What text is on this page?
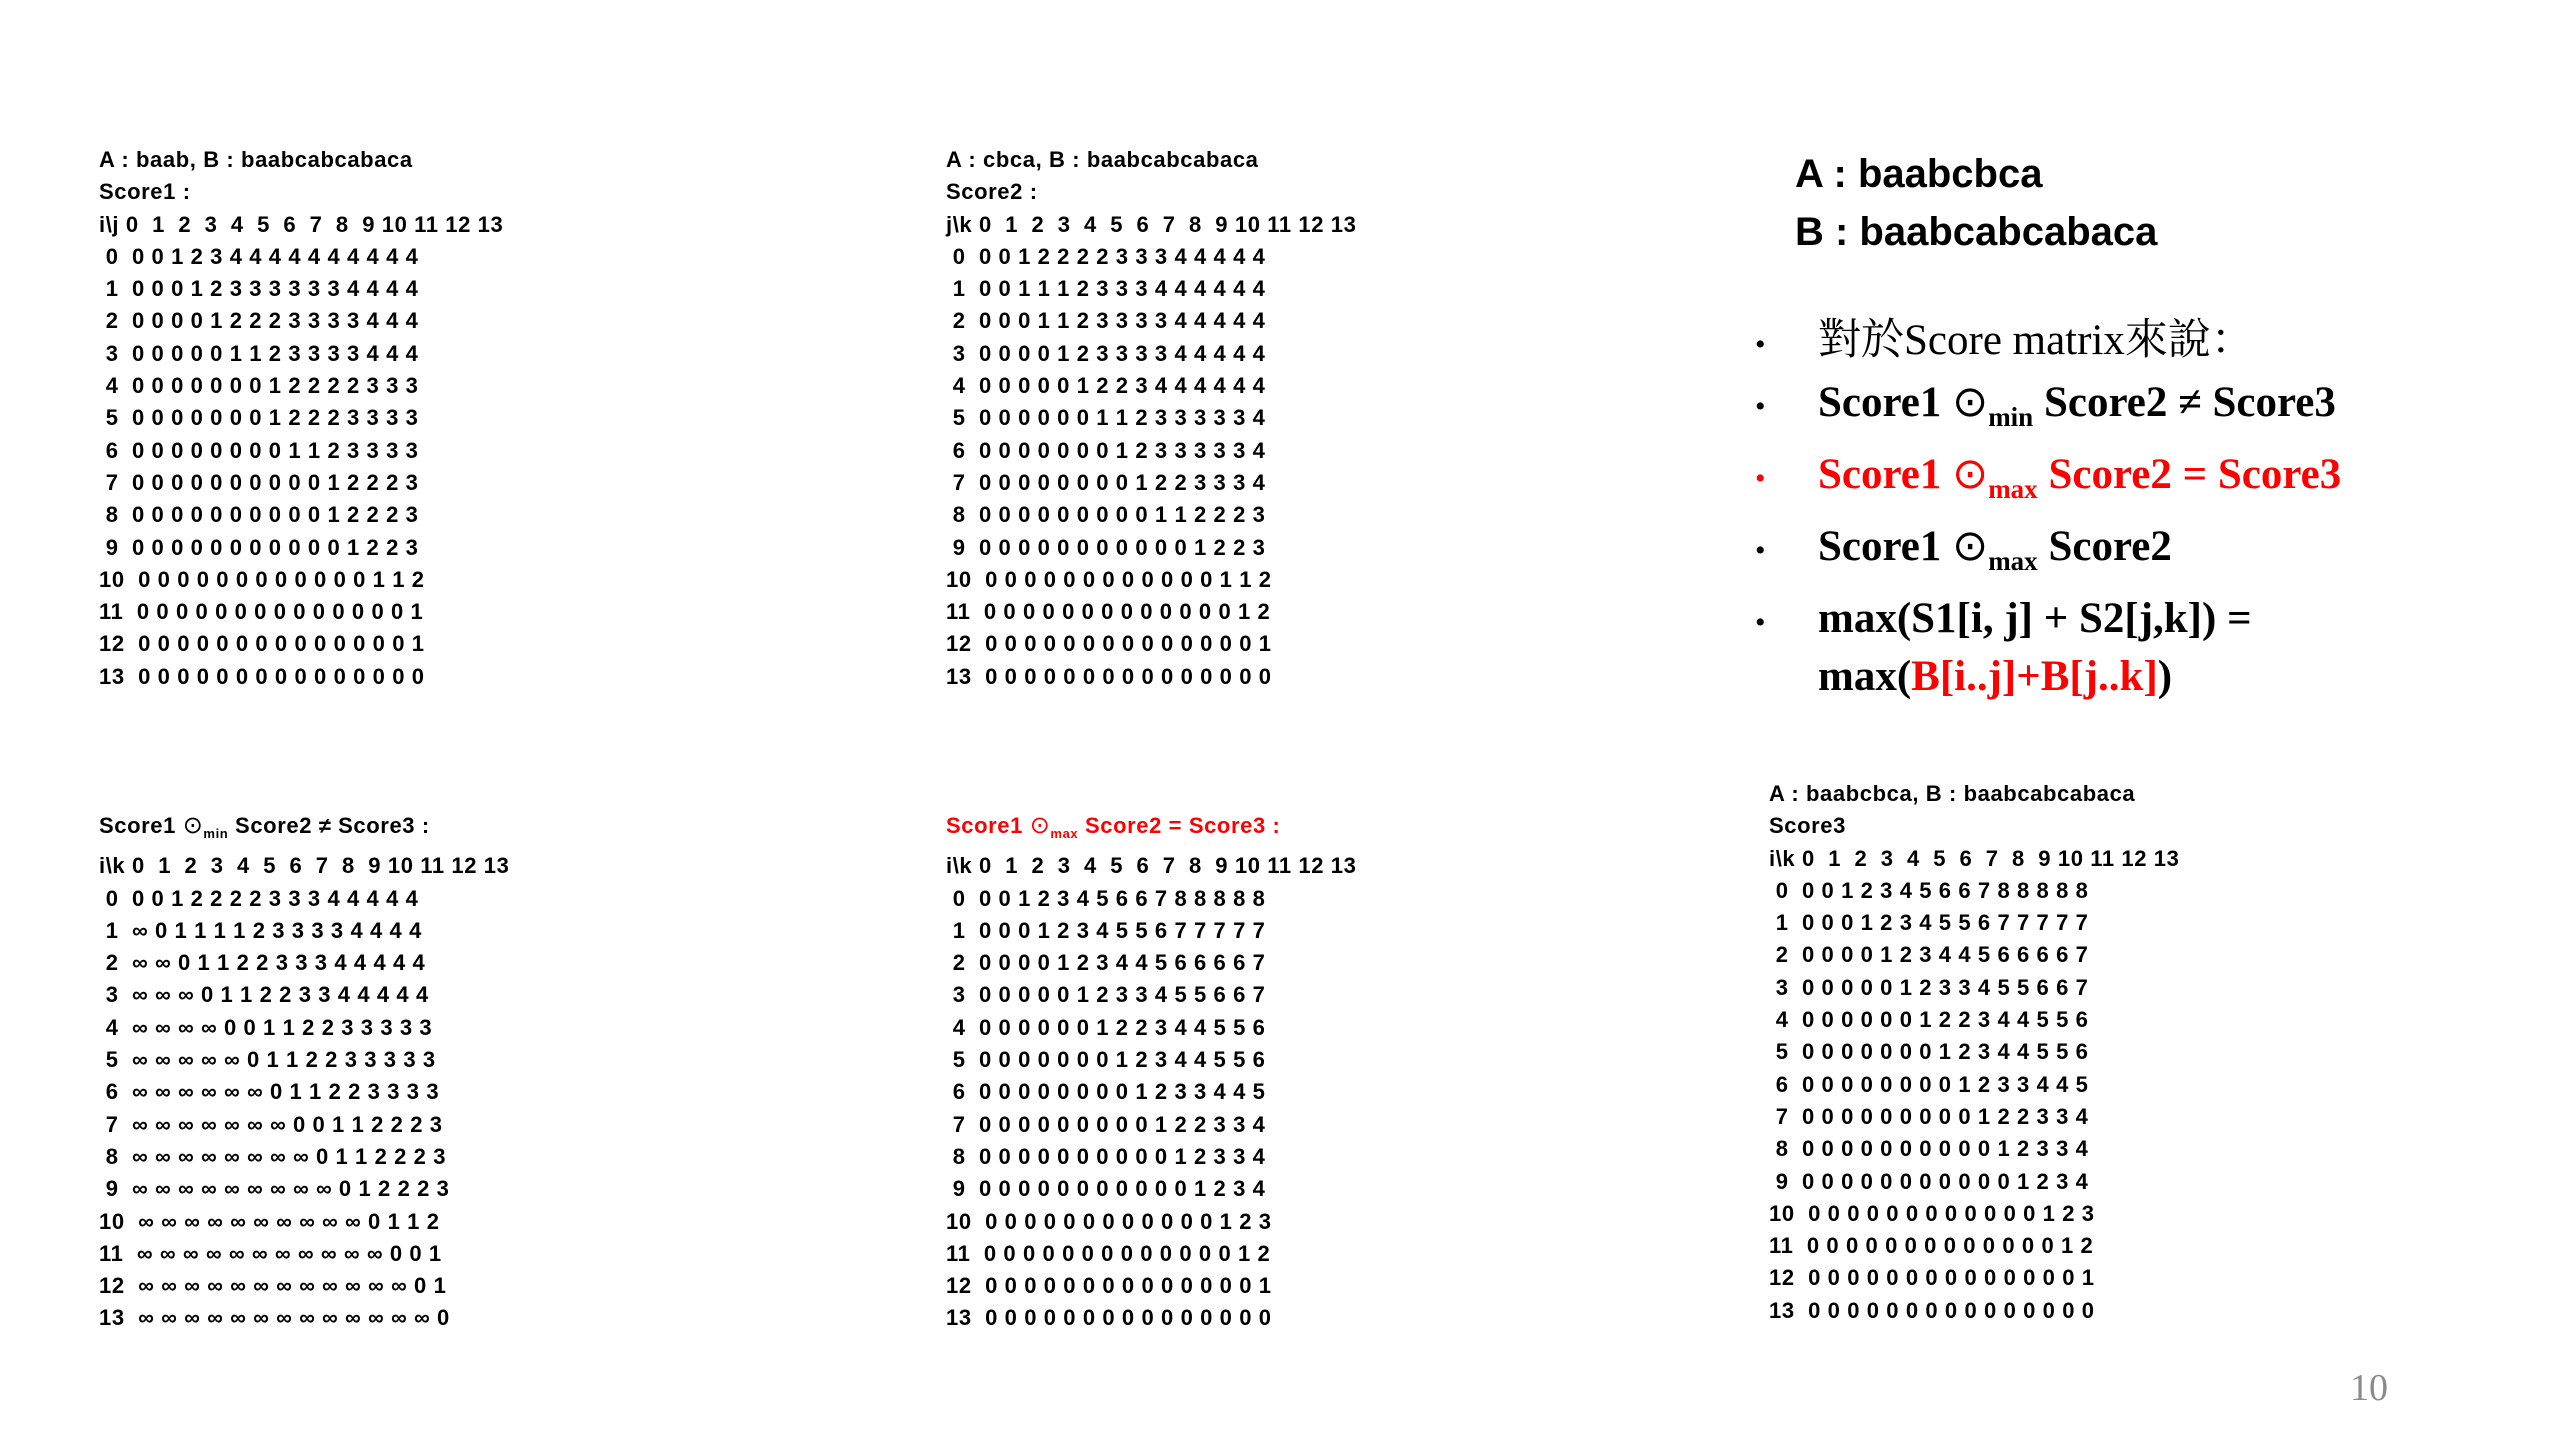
A : baab, B : baabcabcabaca
Score1 :
i\j 0  1  2  3  4  5  6  7  8  9 10 11 12 13
0  0 0 1 2 3 4 4 4 4 4 4 4 4 4 4
1  0 0 0 1 2 3 3 3 3 3 3 4 4 4 4
2  0 0 0 0 1 2 2 2 3 3 3 3 4 4 4
3  0 0 0 0 0 1 1 2 3 3 3 3 4 4 4
4  0 0 0 0 0 0 0 1 2 2 2 2 3 3 3
5  0 0 0 0 0 0 0 1 2 2 2 3 3 3 3
6  0 0 0 0 0 0 0 0 1 1 2 3 3 3 3
7  0 0 0 0 0 0 0 0 0 0 1 2 2 2 3
8  0 0 0 0 0 0 0 0 0 0 1 2 2 2 3
9  0 0 0 0 0 0 0 0 0 0 0 1 2 2 3
10  0 0 0 0 0 0 0 0 0 0 0 0 1 1 2
11  0 0 0 0 0 0 0 0 0 0 0 0 0 0 1
12  0 0 0 0 0 0 0 0 0 0 0 0 0 0 1
13  0 0 0 0 0 0 0 0 0 0 0 0 0 0 0
A : cbca, B : baabcabcabaca
Score2 :
j\k 0  1  2  3  4  5  6  7  8  9 10 11 12 13
0  0 0 1 2 2 2 2 3 3 3 4 4 4 4 4
1  0 0 1 1 1 2 3 3 3 4 4 4 4 4 4
2  0 0 0 1 1 2 3 3 3 3 4 4 4 4 4
3  0 0 0 0 1 2 3 3 3 3 4 4 4 4 4
4  0 0 0 0 0 1 2 2 3 4 4 4 4 4 4
5  0 0 0 0 0 0 1 1 2 3 3 3 3 3 4
6  0 0 0 0 0 0 0 1 2 3 3 3 3 3 4
7  0 0 0 0 0 0 0 0 1 2 2 3 3 3 4
8  0 0 0 0 0 0 0 0 0 1 1 2 2 2 3
9  0 0 0 0 0 0 0 0 0 0 0 1 2 2 3
10  0 0 0 0 0 0 0 0 0 0 0 0 1 1 2
11  0 0 0 0 0 0 0 0 0 0 0 0 0 1 2
12  0 0 0 0 0 0 0 0 0 0 0 0 0 0 1
13  0 0 0 0 0 0 0 0 0 0 0 0 0 0 0
Score1 $⊙_{min}$ Score2 ≠ Score3 :
i\k 0  1  2  3  4  5  6  7  8  9 10 11 12 13
0  0 0 1 2 2 2 2 3 3 3 4 4 4 4 4
1  ∞ 0 1 1 1 1 2 3 3 3 3 4 4 4 4
2  ∞ ∞ 0 1 1 2 2 3 3 3 4 4 4 4 4
3  ∞ ∞ ∞ 0 1 1 2 2 3 3 4 4 4 4 4
4  ∞ ∞ ∞ ∞ 0 0 1 1 2 2 3 3 3 3 3
5  ∞ ∞ ∞ ∞ ∞ 0 1 1 2 2 3 3 3 3 3
6  ∞ ∞ ∞ ∞ ∞ ∞ 0 1 1 2 2 3 3 3 3
7  ∞ ∞ ∞ ∞ ∞ ∞ ∞ 0 0 1 1 2 2 2 3
8  ∞ ∞ ∞ ∞ ∞ ∞ ∞ ∞ 0 1 1 2 2 2 3
9  ∞ ∞ ∞ ∞ ∞ ∞ ∞ ∞ ∞ 0 1 2 2 2 3
10  ∞ ∞ ∞ ∞ ∞ ∞ ∞ ∞ ∞ ∞ 0 1 1 2
11  ∞ ∞ ∞ ∞ ∞ ∞ ∞ ∞ ∞ ∞ ∞ 0 0 1
12  ∞ ∞ ∞ ∞ ∞ ∞ ∞ ∞ ∞ ∞ ∞ ∞ 0 1
13  ∞ ∞ ∞ ∞ ∞ ∞ ∞ ∞ ∞ ∞ ∞ ∞ ∞ 0
Score1 $⊙_{max}$ Score2 = Score3 :
i\k 0  1  2  3  4  5  6  7  8  9 10 11 12 13
0  0 0 1 2 3 4 5 6 6 7 8 8 8 8 8
1  0 0 0 1 2 3 4 5 5 6 7 7 7 7 7
2  0 0 0 0 1 2 3 4 4 5 6 6 6 6 7
3  0 0 0 0 0 1 2 3 3 4 5 5 6 6 7
4  0 0 0 0 0 0 1 2 2 3 4 4 5 5 6
5  0 0 0 0 0 0 0 1 2 3 4 4 5 5 6
6  0 0 0 0 0 0 0 0 1 2 3 3 4 4 5
7  0 0 0 0 0 0 0 0 0 1 2 2 3 3 4
8  0 0 0 0 0 0 0 0 0 0 1 2 3 3 4
9  0 0 0 0 0 0 0 0 0 0 0 1 2 3 4
10  0 0 0 0 0 0 0 0 0 0 0 0 1 2 3
11  0 0 0 0 0 0 0 0 0 0 0 0 0 1 2
12  0 0 0 0 0 0 0 0 0 0 0 0 0 0 1
13  0 0 0 0 0 0 0 0 0 0 0 0 0 0 0
A : baabcbca, B : baabcabcabaca
Score3
i\k 0  1  2  3  4  5  6  7  8  9 10 11 12 13
0  0 0 1 2 3 4 5 6 6 7 8 8 8 8 8
1  0 0 0 1 2 3 4 5 5 6 7 7 7 7 7
2  0 0 0 0 1 2 3 4 4 5 6 6 6 6 7
3  0 0 0 0 0 1 2 3 3 4 5 5 6 6 7
4  0 0 0 0 0 0 1 2 2 3 4 4 5 5 6
5  0 0 0 0 0 0 0 1 2 3 4 4 5 5 6
6  0 0 0 0 0 0 0 0 1 2 3 3 4 4 5
7  0 0 0 0 0 0 0 0 0 1 2 2 3 3 4
8  0 0 0 0 0 0 0 0 0 0 1 2 3 3 4
9  0 0 0 0 0 0 0 0 0 0 0 1 2 3 4
10  0 0 0 0 0 0 0 0 0 0 0 0 1 2 3
11  0 0 0 0 0 0 0 0 0 0 0 0 0 1 2
12  0 0 0 0 0 0 0 0 0 0 0 0 0 0 1
13  0 0 0 0 0 0 0 0 0 0 0 0 0 0 0
A : baabcbca
B : baabcabcabaca
•	對於Score matrix來說：
•	Score1 $⊙_{min}$ Score2 ≠ Score3
•	Score1 $⊙_{max}$ Score2 = Score3
•	Score1 $⊙_{max}$ Score2
•	max(S1[i, j] + S2[j,k]) =
max(B[i..j]+B[j..k])
10
